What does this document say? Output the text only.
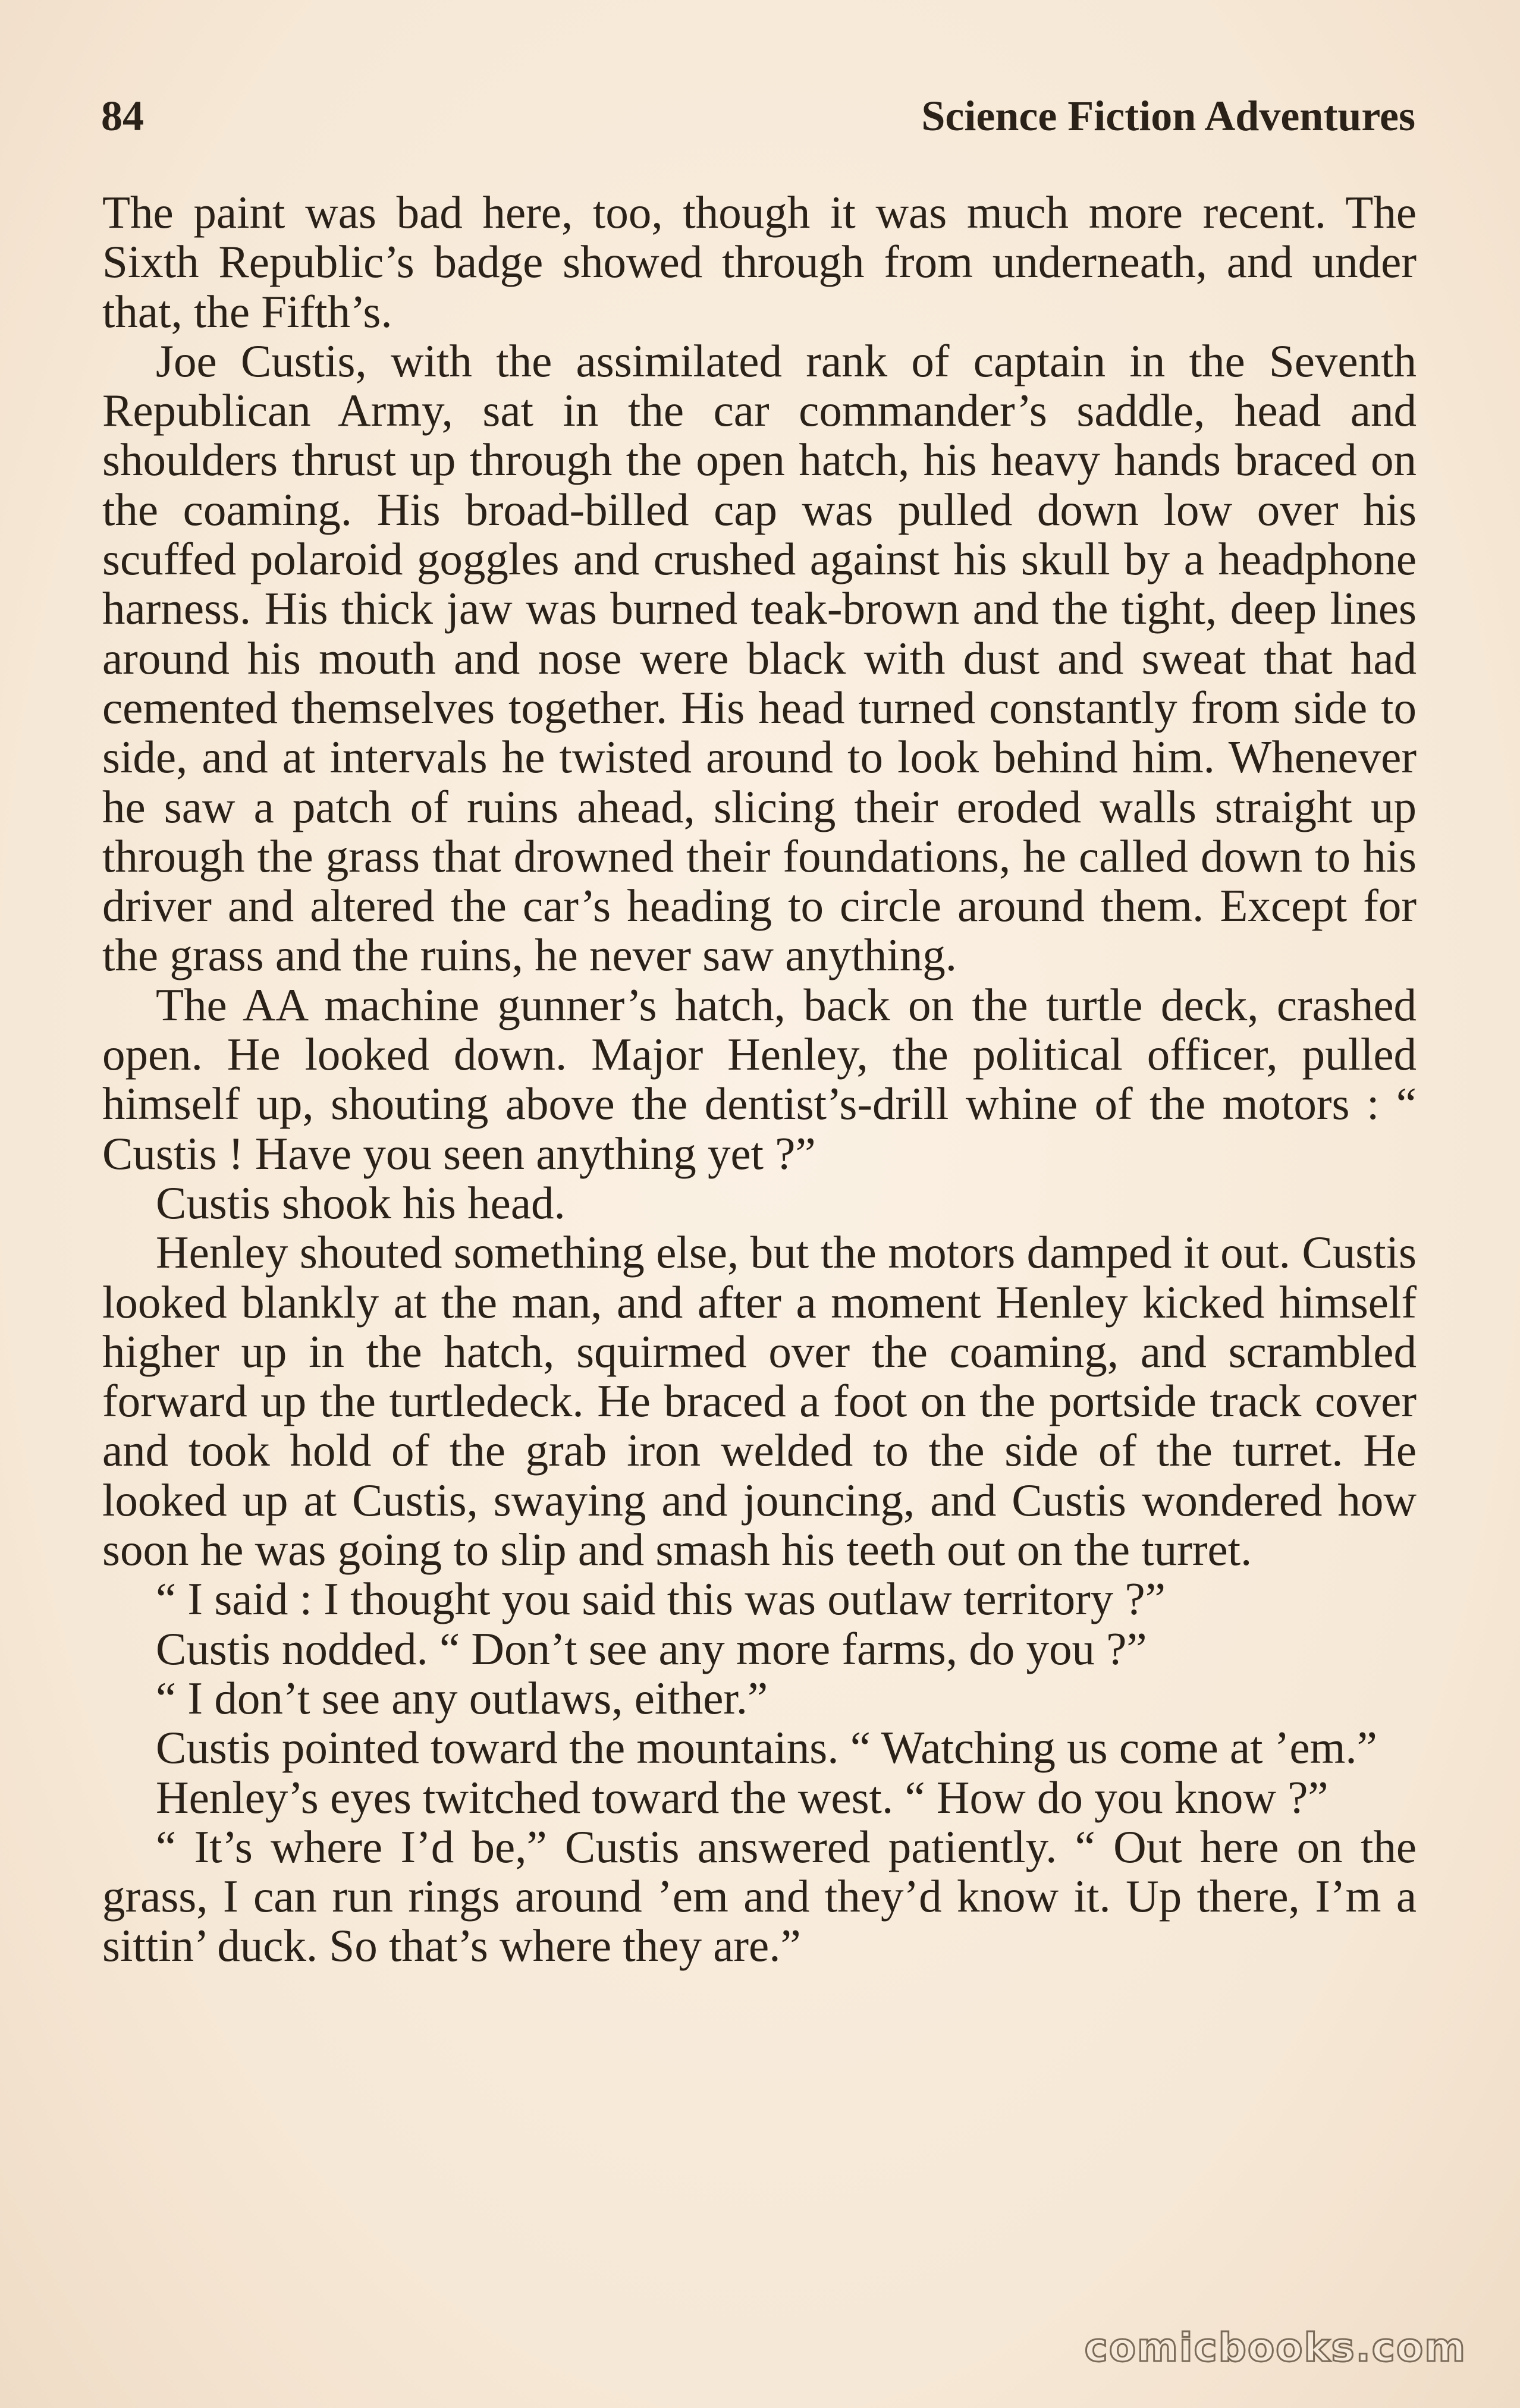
84	Science Fiction Adventures

The paint was bad here, too, though it was much more recent. The Sixth Republic’s badge showed through from underneath, and under that, the Fifth’s.

Joe Custis, with the assimilated rank of captain in the Seventh Republican Army, sat in the car commander’s saddle, head and shoulders thrust up through the open hatch, his heavy hands braced on the coaming. His broad-billed cap was pulled down low over his scuffed polaroid goggles and crushed against his skull by a headphone harness. His thick jaw was burned teak-brown and the tight, deep lines around his mouth and nose were black with dust and sweat that had cemented themselves together. His head turned constantly from side to side, and at intervals he twisted around to look behind him. Whenever he saw a patch of ruins ahead, slicing their eroded walls straight up through the grass that drowned their foundations, he called down to his driver and altered the car’s heading to circle around them. Except for the grass and the ruins, he never saw anything.

The AA machine gunner’s hatch, back on the turtle deck, crashed open. He looked down. Major Henley, the political officer, pulled himself up, shouting above the dentist’s-drill whine of the motors : “ Custis ! Have you seen anything yet ?”

Custis shook his head.

Henley shouted something else, but the motors damped it out. Custis looked blankly at the man, and after a moment Henley kicked himself higher up in the hatch, squirmed over the coaming, and scrambled forward up the turtledeck. He braced a foot on the portside track cover and took hold of the grab iron welded to the side of the turret. He looked up at Custis, swaying and jouncing, and Custis wondered how soon he was going to slip and smash his teeth out on the turret.

“ I said : I thought you said this was outlaw territory ?”

Custis nodded. “ Don’t see any more farms, do you ?”

“ I don’t see any outlaws, either.”

Custis pointed toward the mountains. “ Watching us come at ’em.”

Henley’s eyes twitched toward the west. “ How do you know ?”

“ It’s where I’d be,” Custis answered patiently. “ Out here on the grass, I can run rings around ’em and they’d know it. Up there, I’m a sittin’ duck. So that’s where they are.”

comicbooks.com
